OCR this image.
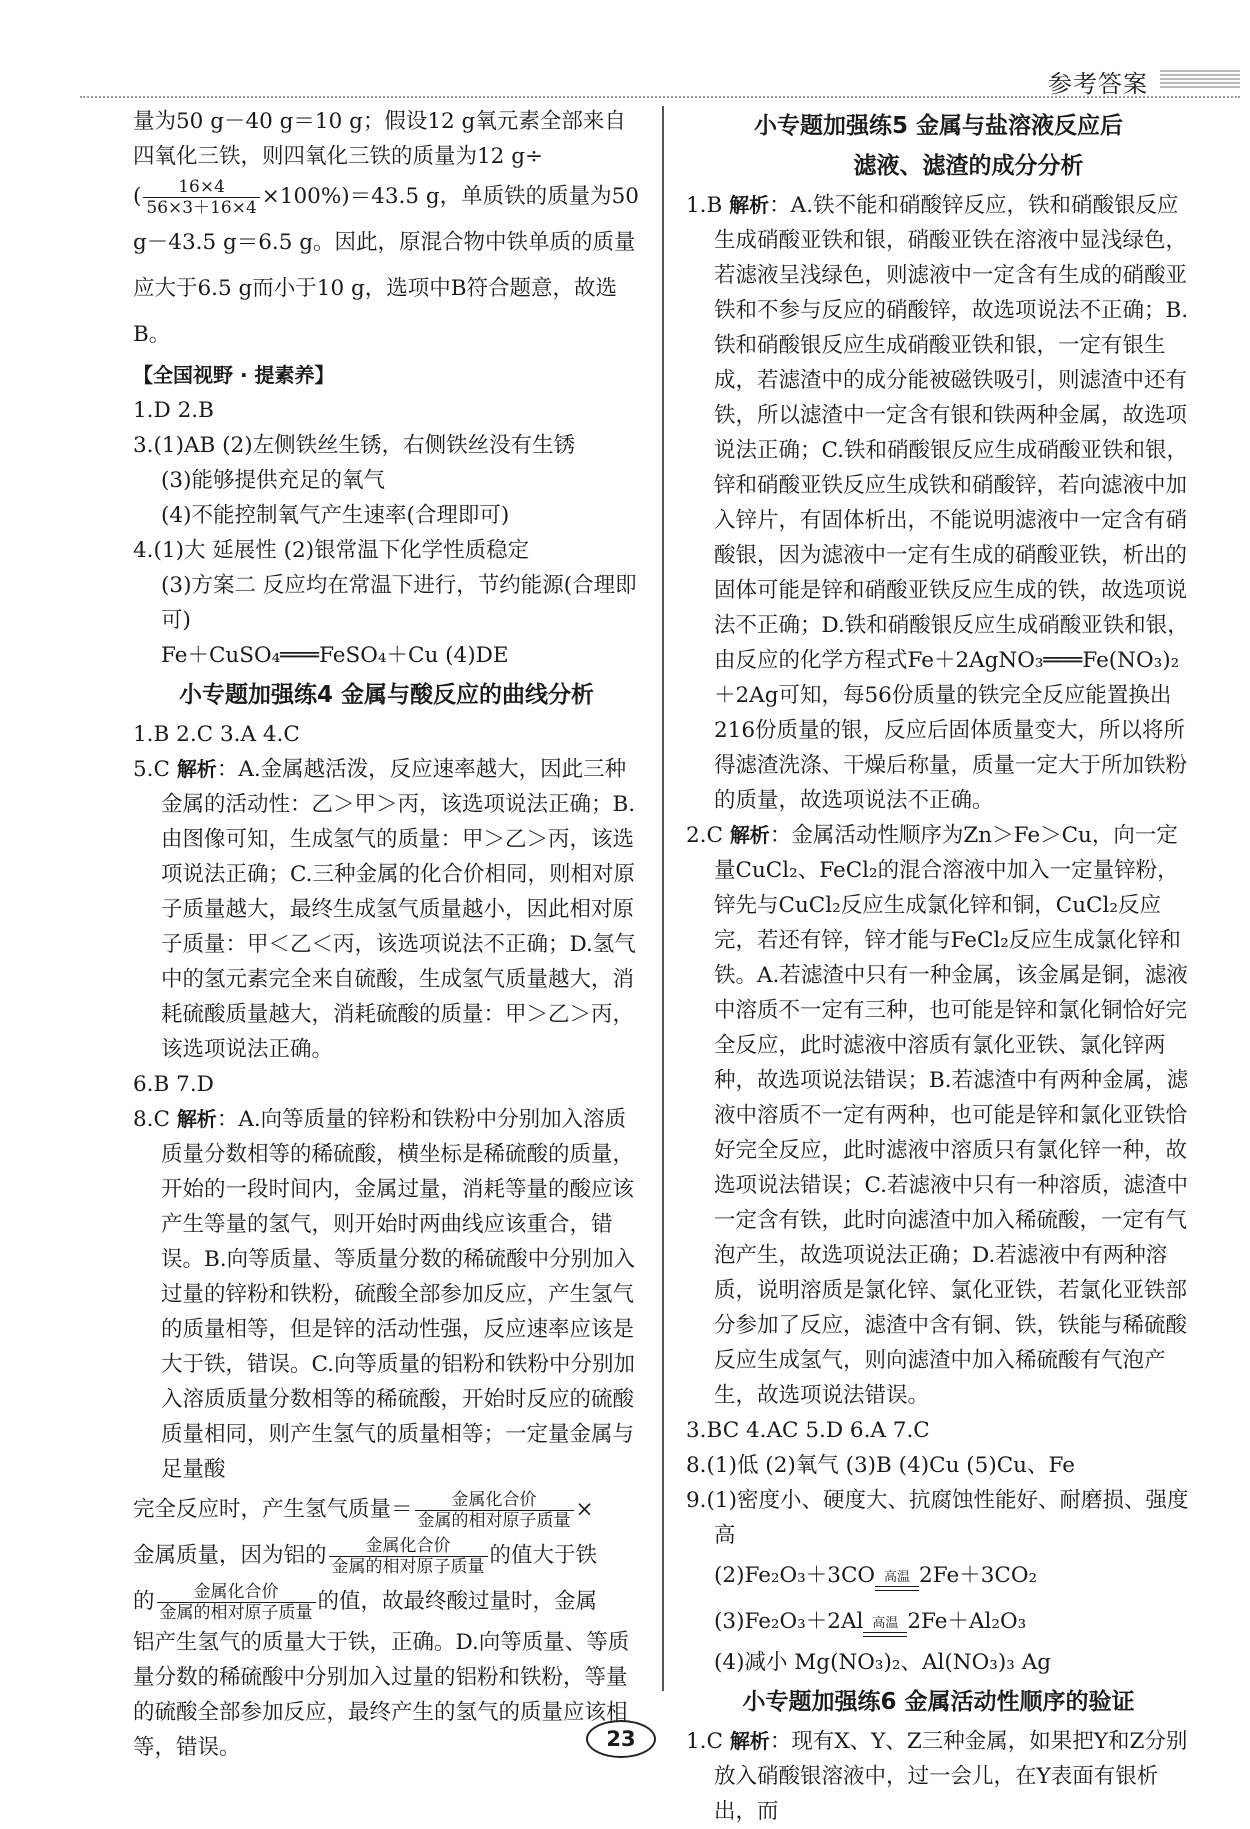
参考答案
量为50 g－40 g＝10 g；假设12 g氧元素全部来自四氧化三铁，则四氧化三铁的质量为12 g÷
( $\frac{16\times 4}{56\times 3+16\times 4} \times 100\%)=43.5$ g，单质铁的质量为50 g－43.5 g＝6.5 g。因此，原混合物中铁单质的质量应大于6.5 g而小于10 g，选项中B符合题意，故选B。
【全国视野 · 提素养】
1.D 2.B
3.(1)AB (2)左侧铁丝生锈，右侧铁丝没有生锈
(3)能够提供充足的氧气
(4)不能控制氧气产生速率(合理即可)
4.(1)大 延展性 (2)银常温下化学性质稳定
(3)方案二 反应均在常温下进行，节约能源(合理即可)
Fe＋CuSO₄═══FeSO₄＋Cu (4)DE
小专题加强练4 金属与酸反应的曲线分析
1.B 2.C 3.A 4.C
5.C 解析：A.金属越活泼，反应速率越大，因此三种金属的活动性：乙＞甲＞丙，该选项说法正确；B.由图像可知，生成氢气的质量：甲＞乙＞丙，该选项说法正确；C.三种金属的化合价相同，则相对原子质量越大，最终生成氢气质量越小，因此相对原子质量：甲＜乙＜丙，该选项说法不正确；D.氢气中的氢元素完全来自硫酸，生成氢气质量越大，消耗硫酸质量越大，消耗硫酸的质量：甲＞乙＞丙，该选项说法正确。
6.B 7.D
8.C 解析：A.向等质量的锌粉和铁粉中分别加入溶质质量分数相等的稀硫酸，横坐标是稀硫酸的质量，开始的一段时间内，金属过量，消耗等量的酸应该产生等量的氢气，则开始时两曲线应该重合，错误。B.向等质量、等质量分数的稀硫酸中分别加入过量的锌粉和铁粉，硫酸全部参加反应，产生氢气的质量相等，但是锌的活动性强，反应速率应该是大于铁，错误。C.向等质量的铝粉和铁粉中分别加入溶质质量分数相等的稀硫酸，开始时反应的硫酸质量相同，则产生氢气的质量相等；一定量金属与足量酸
完全反应时，产生氢气质量＝ $\frac{\text{金属化合价}}{\text{金属的相对原子质量}}$ ×
金属质量，因为铝的 $\frac{\text{金属化合价}}{\text{金属的相对原子质量}}$ 的值大于铁
的 $\frac{\text{金属化合价}}{\text{金属的相对原子质量}}$ 的值，故最终酸过量时，金属
铝产生氢气的质量大于铁，正确。D.向等质量、等质量分数的稀硫酸中分别加入过量的铝粉和铁粉，等量的硫酸全部参加反应，最终产生的氢气的质量应该相等，错误。
小专题加强练5 金属与盐溶液反应后
滤液、滤渣的成分分析
1.B 解析：A.铁不能和硝酸锌反应，铁和硝酸银反应生成硝酸亚铁和银，硝酸亚铁在溶液中显浅绿色，若滤液呈浅绿色，则滤液中一定含有生成的硝酸亚铁和不参与反应的硝酸锌，故选项说法不正确；B.铁和硝酸银反应生成硝酸亚铁和银，一定有银生成，若滤渣中的成分能被磁铁吸引，则滤渣中还有铁，所以滤渣中一定含有银和铁两种金属，故选项说法正确；C.铁和硝酸银反应生成硝酸亚铁和银，锌和硝酸亚铁反应生成铁和硝酸锌，若向滤液中加入锌片，有固体析出，不能说明滤液中一定含有硝酸银，因为滤液中一定有生成的硝酸亚铁，析出的固体可能是锌和硝酸亚铁反应生成的铁，故选项说法不正确；D.铁和硝酸银反应生成硝酸亚铁和银，由反应的化学方程式Fe＋2AgNO₃═══Fe(NO₃)₂＋2Ag可知，每56份质量的铁完全反应能置换出216份质量的银，反应后固体质量变大，所以将所得滤渣洗涤、干燥后称量，质量一定大于所加铁粉的质量，故选项说法不正确。
2.C 解析：金属活动性顺序为Zn＞Fe＞Cu，向一定量CuCl₂、FeCl₂的混合溶液中加入一定量锌粉，锌先与CuCl₂反应生成氯化锌和铜，CuCl₂反应完，若还有锌，锌才能与FeCl₂反应生成氯化锌和铁。A.若滤渣中只有一种金属，该金属是铜，滤液中溶质不一定有三种，也可能是锌和氯化铜恰好完全反应，此时滤液中溶质有氯化亚铁、氯化锌两种，故选项说法错误；B.若滤渣中有两种金属，滤液中溶质不一定有两种，也可能是锌和氯化亚铁恰好完全反应，此时滤液中溶质只有氯化锌一种，故选项说法错误；C.若滤液中只有一种溶质，滤渣中一定含有铁，此时向滤渣中加入稀硫酸，一定有气泡产生，故选项说法正确；D.若滤液中有两种溶质，说明溶质是氯化锌、氯化亚铁，若氯化亚铁部分参加了反应，滤渣中含有铜、铁，铁能与稀硫酸反应生成氢气，则向滤渣中加入稀硫酸有气泡产生，故选项说法错误。
3.BC 4.AC 5.D 6.A 7.C
8.(1)低 (2)氧气 (3)B (4)Cu (5)Cu、Fe
9.(1)密度小、硬度大、抗腐蚀性能好、耐磨损、强度高
(2)Fe₂O₃＋3CO 高温 2Fe＋3CO₂
(3)Fe₂O₃＋2Al 高温 2Fe＋Al₂O₃
(4)减小 Mg(NO₃)₂、Al(NO₃)₃ Ag
小专题加强练6 金属活动性顺序的验证
1.C 解析：现有X、Y、Z三种金属，如果把Y和Z分别放入硝酸银溶液中，过一会儿，在Y表面有银析出，而
23
